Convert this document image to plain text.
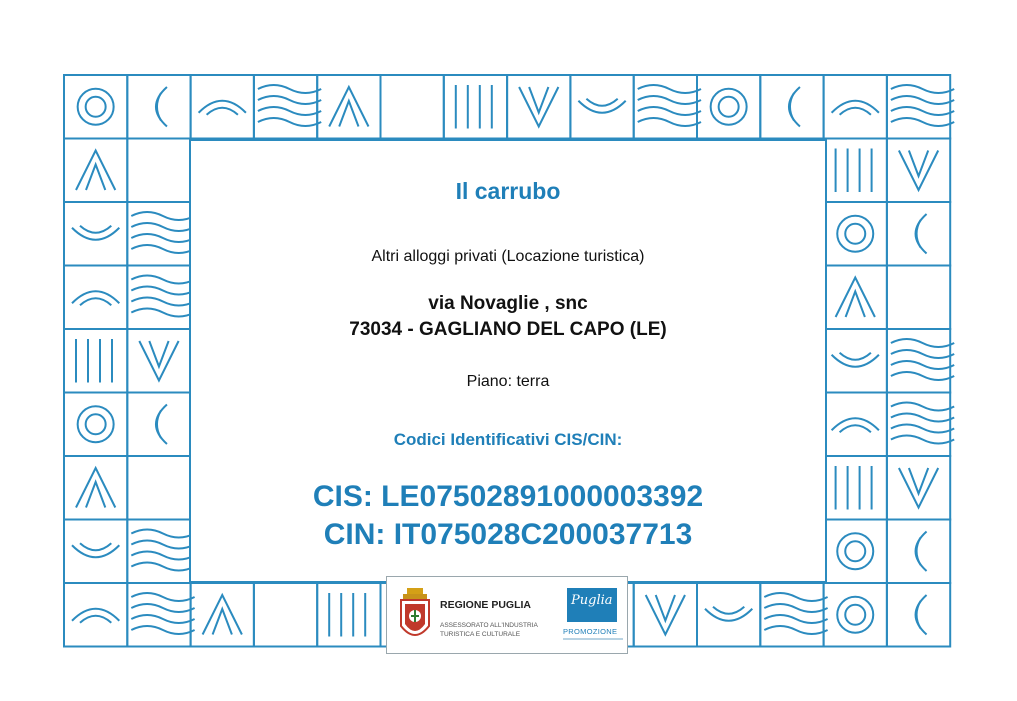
Il carrubo
Altri alloggi privati (Locazione turistica)
via Novaglie , snc
73034 - GAGLIANO DEL CAPO (LE)
Piano: terra
Codici Identificativi CIS/CIN:
CIS: LE07502891000003392
CIN: IT075028C200037713
REGIONE PUGLIA
ASSESSORATO ALL'INDUSTRIA
TURISTICA E CULTURALE
Puglia
PROMOZIONE
